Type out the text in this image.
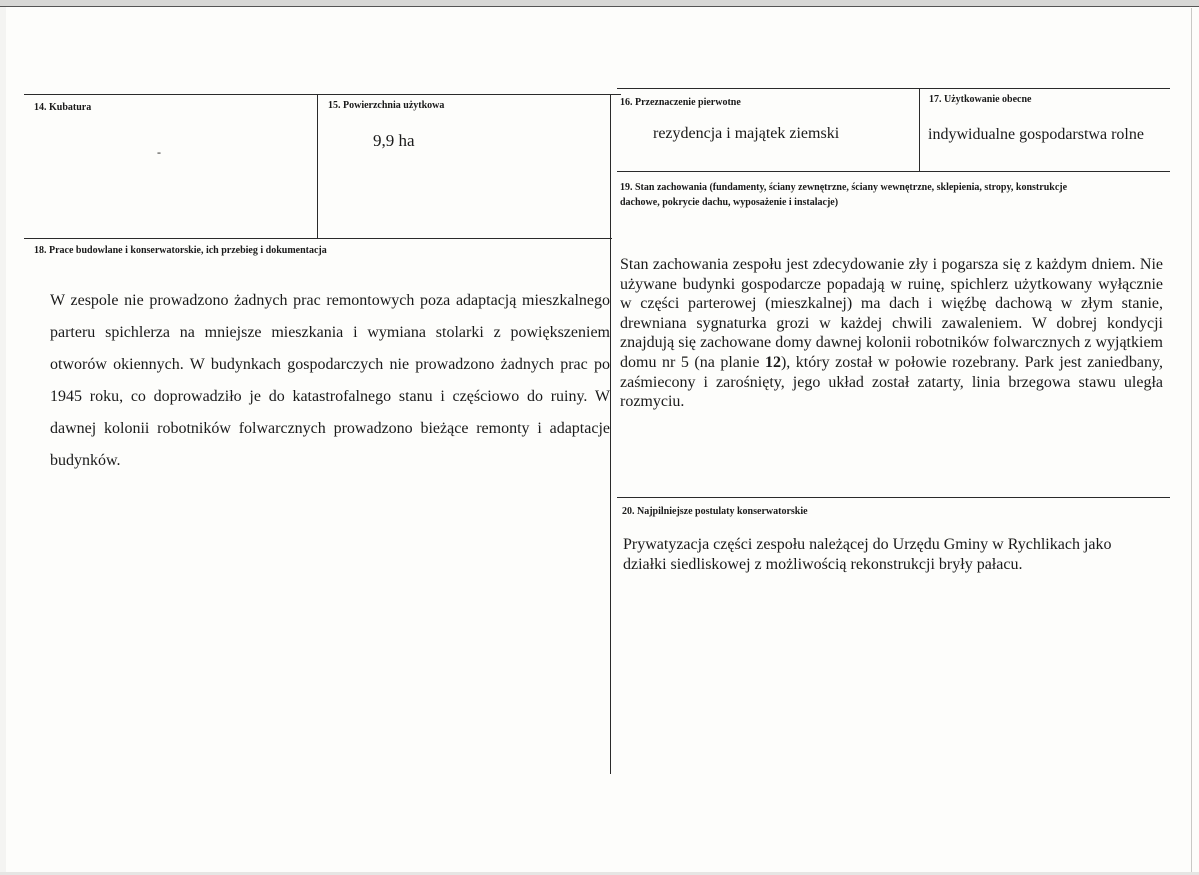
14. Kubatura
-
15. Powierzchnia użytkowa
9,9 ha
16. Przeznaczenie pierwotne
rezydencja i majątek ziemski
17. Użytkowanie obecne
indywidualne gospodarstwa rolne
18. Prace budowlane i konserwatorskie, ich przebieg i dokumentacja
W zespole nie prowadzono żadnych prac remontowych poza adaptacją mieszkalnego parteru spichlerza na mniejsze mieszkania i wymiana stolarki z powiększeniem otworów okiennych. W budynkach gospodarczych nie prowadzono żadnych prac po 1945 roku, co doprowadziło je do katastrofalnego stanu i częściowo do ruiny. W dawnej kolonii robotników folwarcznych prowadzono bieżące remonty i adaptacje budynków.
19. Stan zachowania (fundamenty, ściany zewnętrzne, ściany wewnętrzne, sklepienia, stropy, konstrukcje dachowe, pokrycie dachu, wyposażenie i instalacje)
Stan zachowania zespołu jest zdecydowanie zły i pogarsza się z każdym dniem. Nie używane budynki gospodarcze popadają w ruinę, spichlerz użytkowany wyłącznie w części parterowej (mieszkalnej) ma dach i więźbę dachową w złym stanie, drewniana sygnaturka grozi w każdej chwili zawaleniem. W dobrej kondycji znajdują się zachowane domy dawnej kolonii robotników folwarcznych z wyjątkiem domu nr 5 (na planie 12), który został w połowie rozebrany. Park jest zaniedbany, zaśmiecony i zarośnięty, jego układ został zatarty, linia brzegowa stawu uległa rozmyciu.
20. Najpilniejsze postulaty konserwatorskie
Prywatyzacja części zespołu należącej do Urzędu Gminy w Rychlikach jako działki siedliskowej z możliwością rekonstrukcji bryły pałacu.
